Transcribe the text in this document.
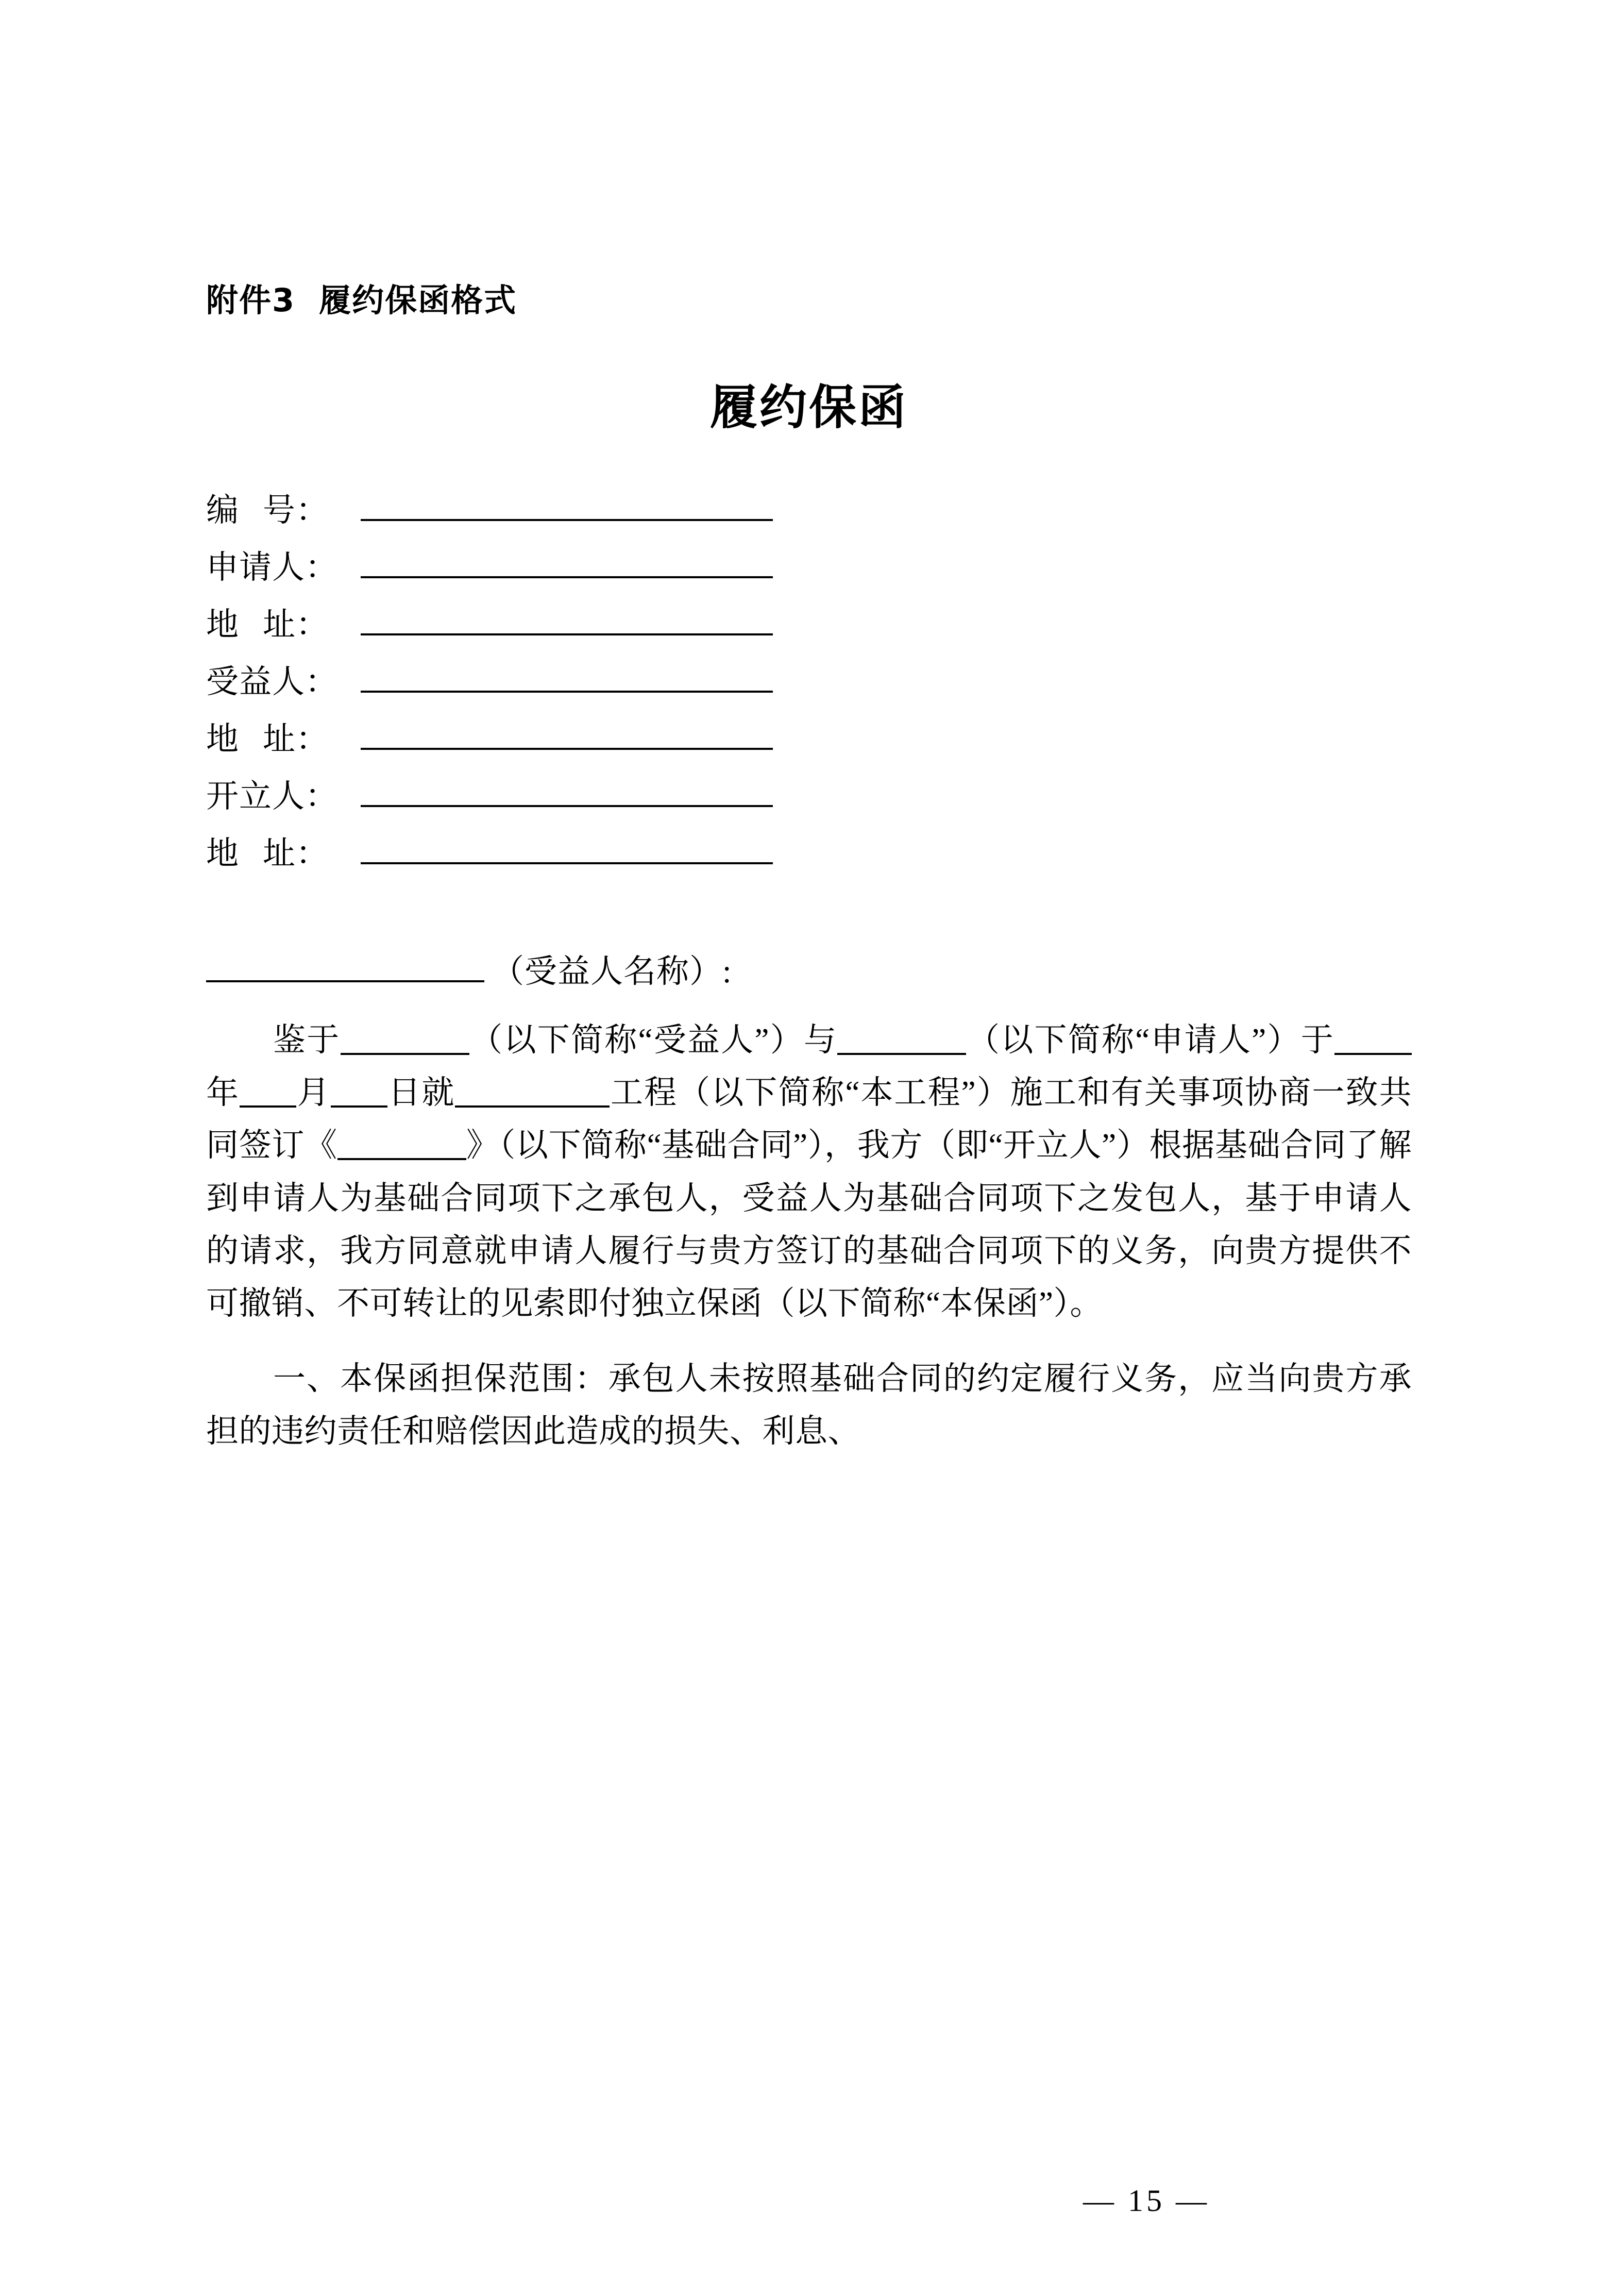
附件3 履约保函格式
履约保函
编 号：
申请人：
地 址：
受益人：
地 址：
开立人：
地 址：
（受益人名称）:
鉴于	（以下简称“受益人”）与	（以下简称“申请人”）于年 月 日就	工程（以下简称“本工程”）施工和有关事项协商一致共同签订《	》（以下简称“基础合同”），我方（即“开立人”）根据基础合同了解到申请人为基础合同项下之承包人，受益人为基础合同项下之发包人，基于申请人的请求，我方同意就申请人履行与贵方签订的基础合同项下的义务，向贵方提供不可撤销、不可转让的见索即付独立保函（以下简称“本保函”）。
一、本保函担保范围：承包人未按照基础合同的约定履行义务，应当向贵方承担的违约责任和赔偿因此造成的损失、利息、
— 15 —
